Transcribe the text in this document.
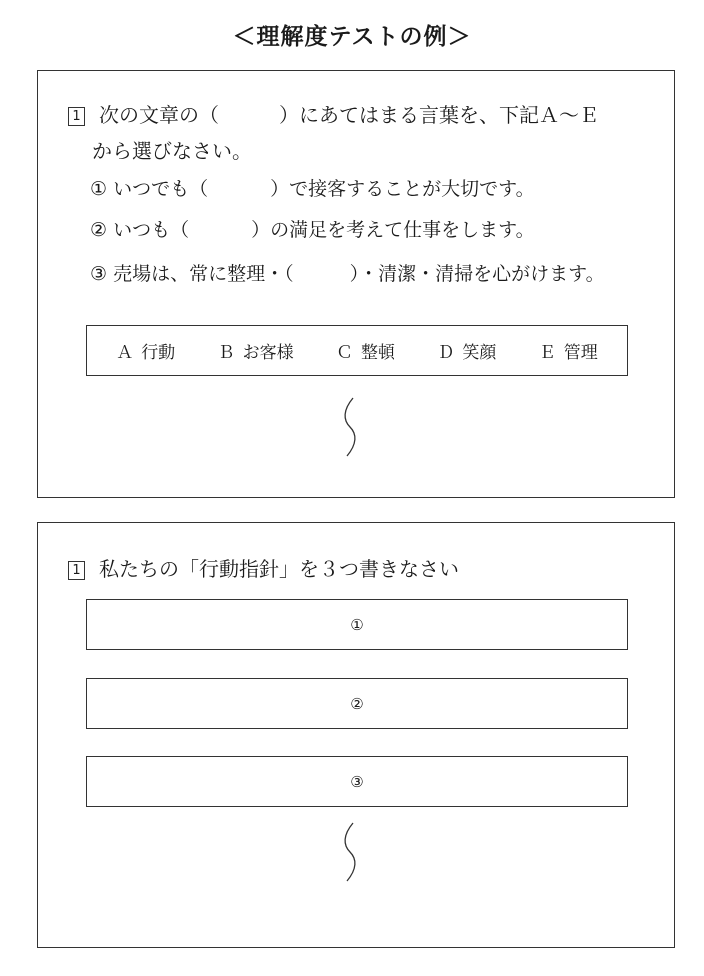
＜理解度テストの例＞
1 次の文章の（　　　）にあてはまる言葉を、下記Ａ～Ｅ
から選びなさい。
① いつでも（	）で接客することが大切です。
② いつも（	）の満足を考えて仕事をします。
③ 売場は、常に整理・（	）・清潔・清掃を心がけます。
Ａ 行動 Ｂ お客様 Ｃ 整頓 Ｄ 笑顔 Ｅ 管理
1 私たちの「行動指針」を３つ書きなさい
①
②
③
